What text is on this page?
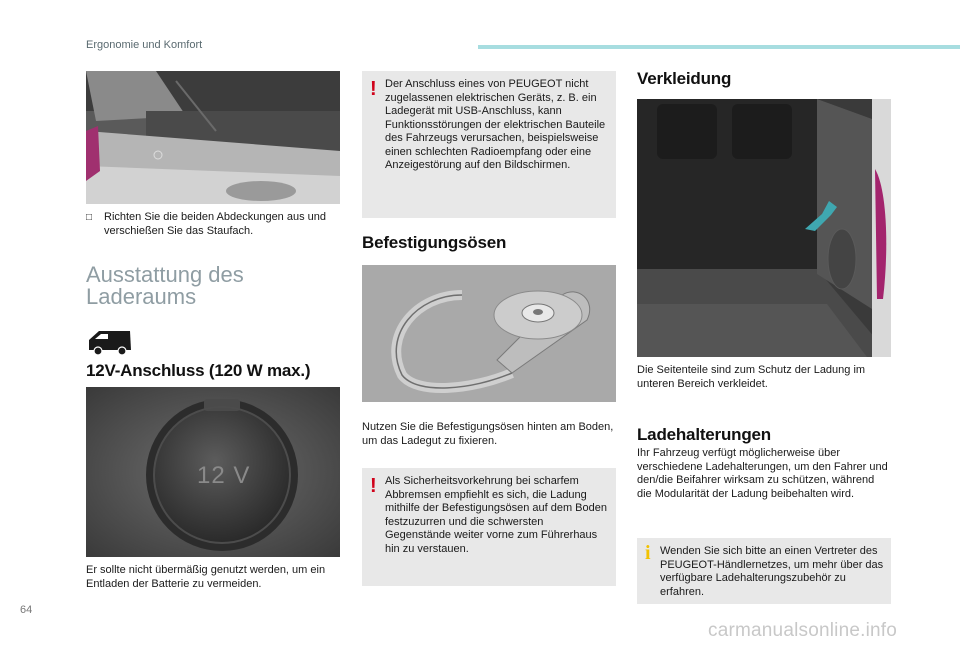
Ergonomie und Komfort
□ Richten Sie die beiden Abdeckungen aus und verschießen Sie das Staufach.
Ausstattung des
Laderaums
12V-Anschluss (120 W max.)
12 V
Er sollte nicht übermäßig genutzt werden, um ein Entladen der Batterie zu vermeiden.
! Der Anschluss eines von PEUGEOT nicht zugelassenen elektrischen Geräts, z. B. ein Ladegerät mit USB-Anschluss, kann Funktionsstörungen der elektrischen Bauteile des Fahrzeugs verursachen, beispielsweise einen schlechten Radioempfang oder eine Anzeigestörung auf den Bildschirmen.
Befestigungsösen
Nutzen Sie die Befestigungsösen hinten am Boden, um das Ladegut zu fixieren.
! Als Sicherheitsvorkehrung bei scharfem Abbremsen empfiehlt es sich, die Ladung mithilfe der Befestigungsösen auf dem Boden festzuzurren und die schwersten Gegenstände weiter vorne zum Führerhaus hin zu verstauen.
Verkleidung
Die Seitenteile sind zum Schutz der Ladung im unteren Bereich verkleidet.
Ladehalterungen
Ihr Fahrzeug verfügt möglicherweise über verschiedene Ladehalterungen, um den Fahrer und den/die Beifahrer wirksam zu schützen, während die Modularität der Ladung beibehalten wird.
i Wenden Sie sich bitte an einen Vertreter des PEUGEOT-Händlernetzes, um mehr über das verfügbare Ladehalterungszubehör zu erfahren.
64
carmanualsonline.info
